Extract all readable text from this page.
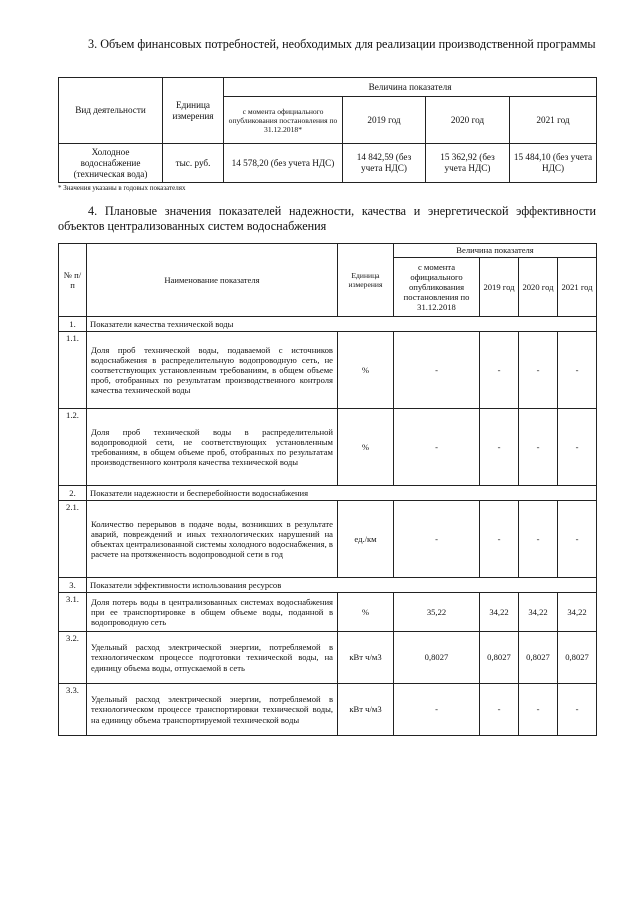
3. Объем финансовых потребностей, необходимых для реализации производственной программы

Вид деятельности	Единица измерения	Величина показателя			
		с момента официального опубликования постановления по 31.12.2018*	2019 год	2020 год	2021 год
Холодное водоснабжение (техническая вода)	тыс. руб.	14 578,20 (без учета НДС)	14 842,59 (без учета НДС)	15 362,92 (без учета НДС)	15 484,10 (без учета НДС)
* Значения указаны в годовых показателях

4. Плановые значения показателей надежности, качества и энергетической эффективности объектов централизованных систем водоснабжения

№ п/п	Наименование показателя	Единица измерения	Величина показателя			
			с момента официального опубликования постановления по 31.12.2018	2019 год	2020 год	2021 год
1.	Показатели качества технической воды					
1.1.	Доля проб технической воды, подаваемой с источников водоснабжения в распределительную водопроводную сеть, не соответствующих установленным требованиям, в общем объеме проб, отобранных по результатам производственного контроля качества технической воды	%	-	-	-	-
1.2.	Доля проб технической воды в распределительной водопроводной сети, не соответствующих установленным требованиям, в общем объеме проб, отобранных по результатам производственного контроля качества технической воды	%	-	-	-	-
2.	Показатели надежности и бесперебойности водоснабжения					
2.1.	Количество перерывов в подаче воды, возникших в результате аварий, повреждений и иных технологических нарушений на объектах централизованной системы холодного водоснабжения, в расчете на протяженность водопроводной сети в год	ед./км	-	-	-	-
3.	Показатели эффективности использования ресурсов					
3.1.	Доля потерь воды в централизованных системах водоснабжения при ее транспортировке в общем объеме воды, поданной в водопроводную сеть	%	35,22	34,22	34,22	34,22
3.2.	Удельный расход электрической энергии, потребляемой в технологическом процессе подготовки технической воды, на единицу объема воды, отпускаемой в сеть	кВт ч/м3	0,8027	0,8027	0,8027	0,8027
3.3.	Удельный расход электрической энергии, потребляемой в технологическом процессе транспортировки технической воды, на единицу объема транспортируемой технической воды	кВт ч/м3	-	-	-	-
